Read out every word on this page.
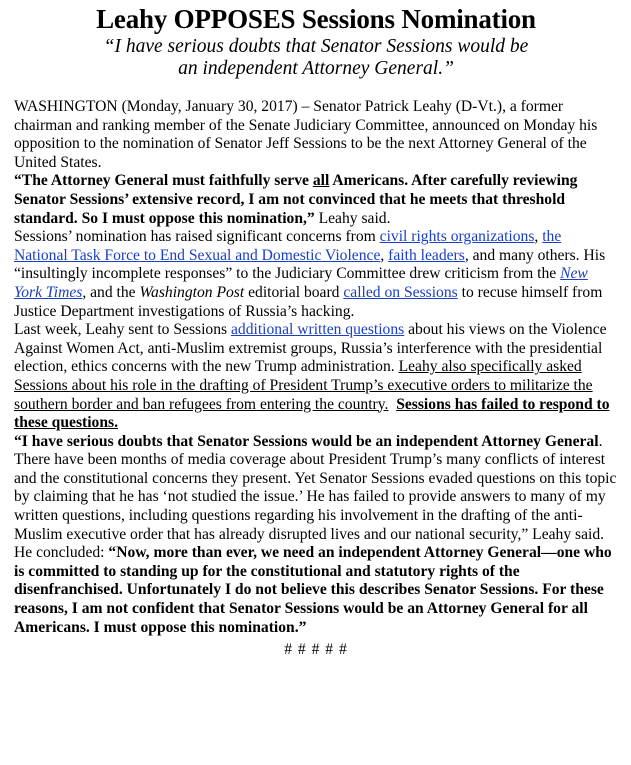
Leahy OPPOSES Sessions Nomination
“I have serious doubts that Senator Sessions would be
an independent Attorney General.”

WASHINGTON (Monday, January 30, 2017) – Senator Patrick Leahy (D-Vt.), a former chairman and ranking member of the Senate Judiciary Committee, announced on Monday his opposition to the nomination of Senator Jeff Sessions to be the next Attorney General of the United States.

“The Attorney General must faithfully serve all Americans. After carefully reviewing Senator Sessions’ extensive record, I am not convinced that he meets that threshold standard. So I must oppose this nomination,” Leahy said.

Sessions’ nomination has raised significant concerns from civil rights organizations, the National Task Force to End Sexual and Domestic Violence, faith leaders, and many others. His “insultingly incomplete responses” to the Judiciary Committee drew criticism from the New York Times, and the Washington Post editorial board called on Sessions to recuse himself from Justice Department investigations of Russia’s hacking.

Last week, Leahy sent to Sessions additional written questions about his views on the Violence Against Women Act, anti-Muslim extremist groups, Russia’s interference with the presidential election, ethics concerns with the new Trump administration. Leahy also specifically asked Sessions about his role in the drafting of President Trump’s executive orders to militarize the southern border and ban refugees from entering the country. Sessions has failed to respond to these questions.

“I have serious doubts that Senator Sessions would be an independent Attorney General. There have been months of media coverage about President Trump’s many conflicts of interest and the constitutional concerns they present. Yet Senator Sessions evaded questions on this topic by claiming that he has ‘not studied the issue.’ He has failed to provide answers to many of my written questions, including questions regarding his involvement in the drafting of the anti-Muslim executive order that has already disrupted lives and our national security,” Leahy said.

He concluded: “Now, more than ever, we need an independent Attorney General—one who is committed to standing up for the constitutional and statutory rights of the disenfranchised. Unfortunately I do not believe this describes Senator Sessions. For these reasons, I am not confident that Senator Sessions would be an Attorney General for all Americans. I must oppose this nomination.”

# # # # #
